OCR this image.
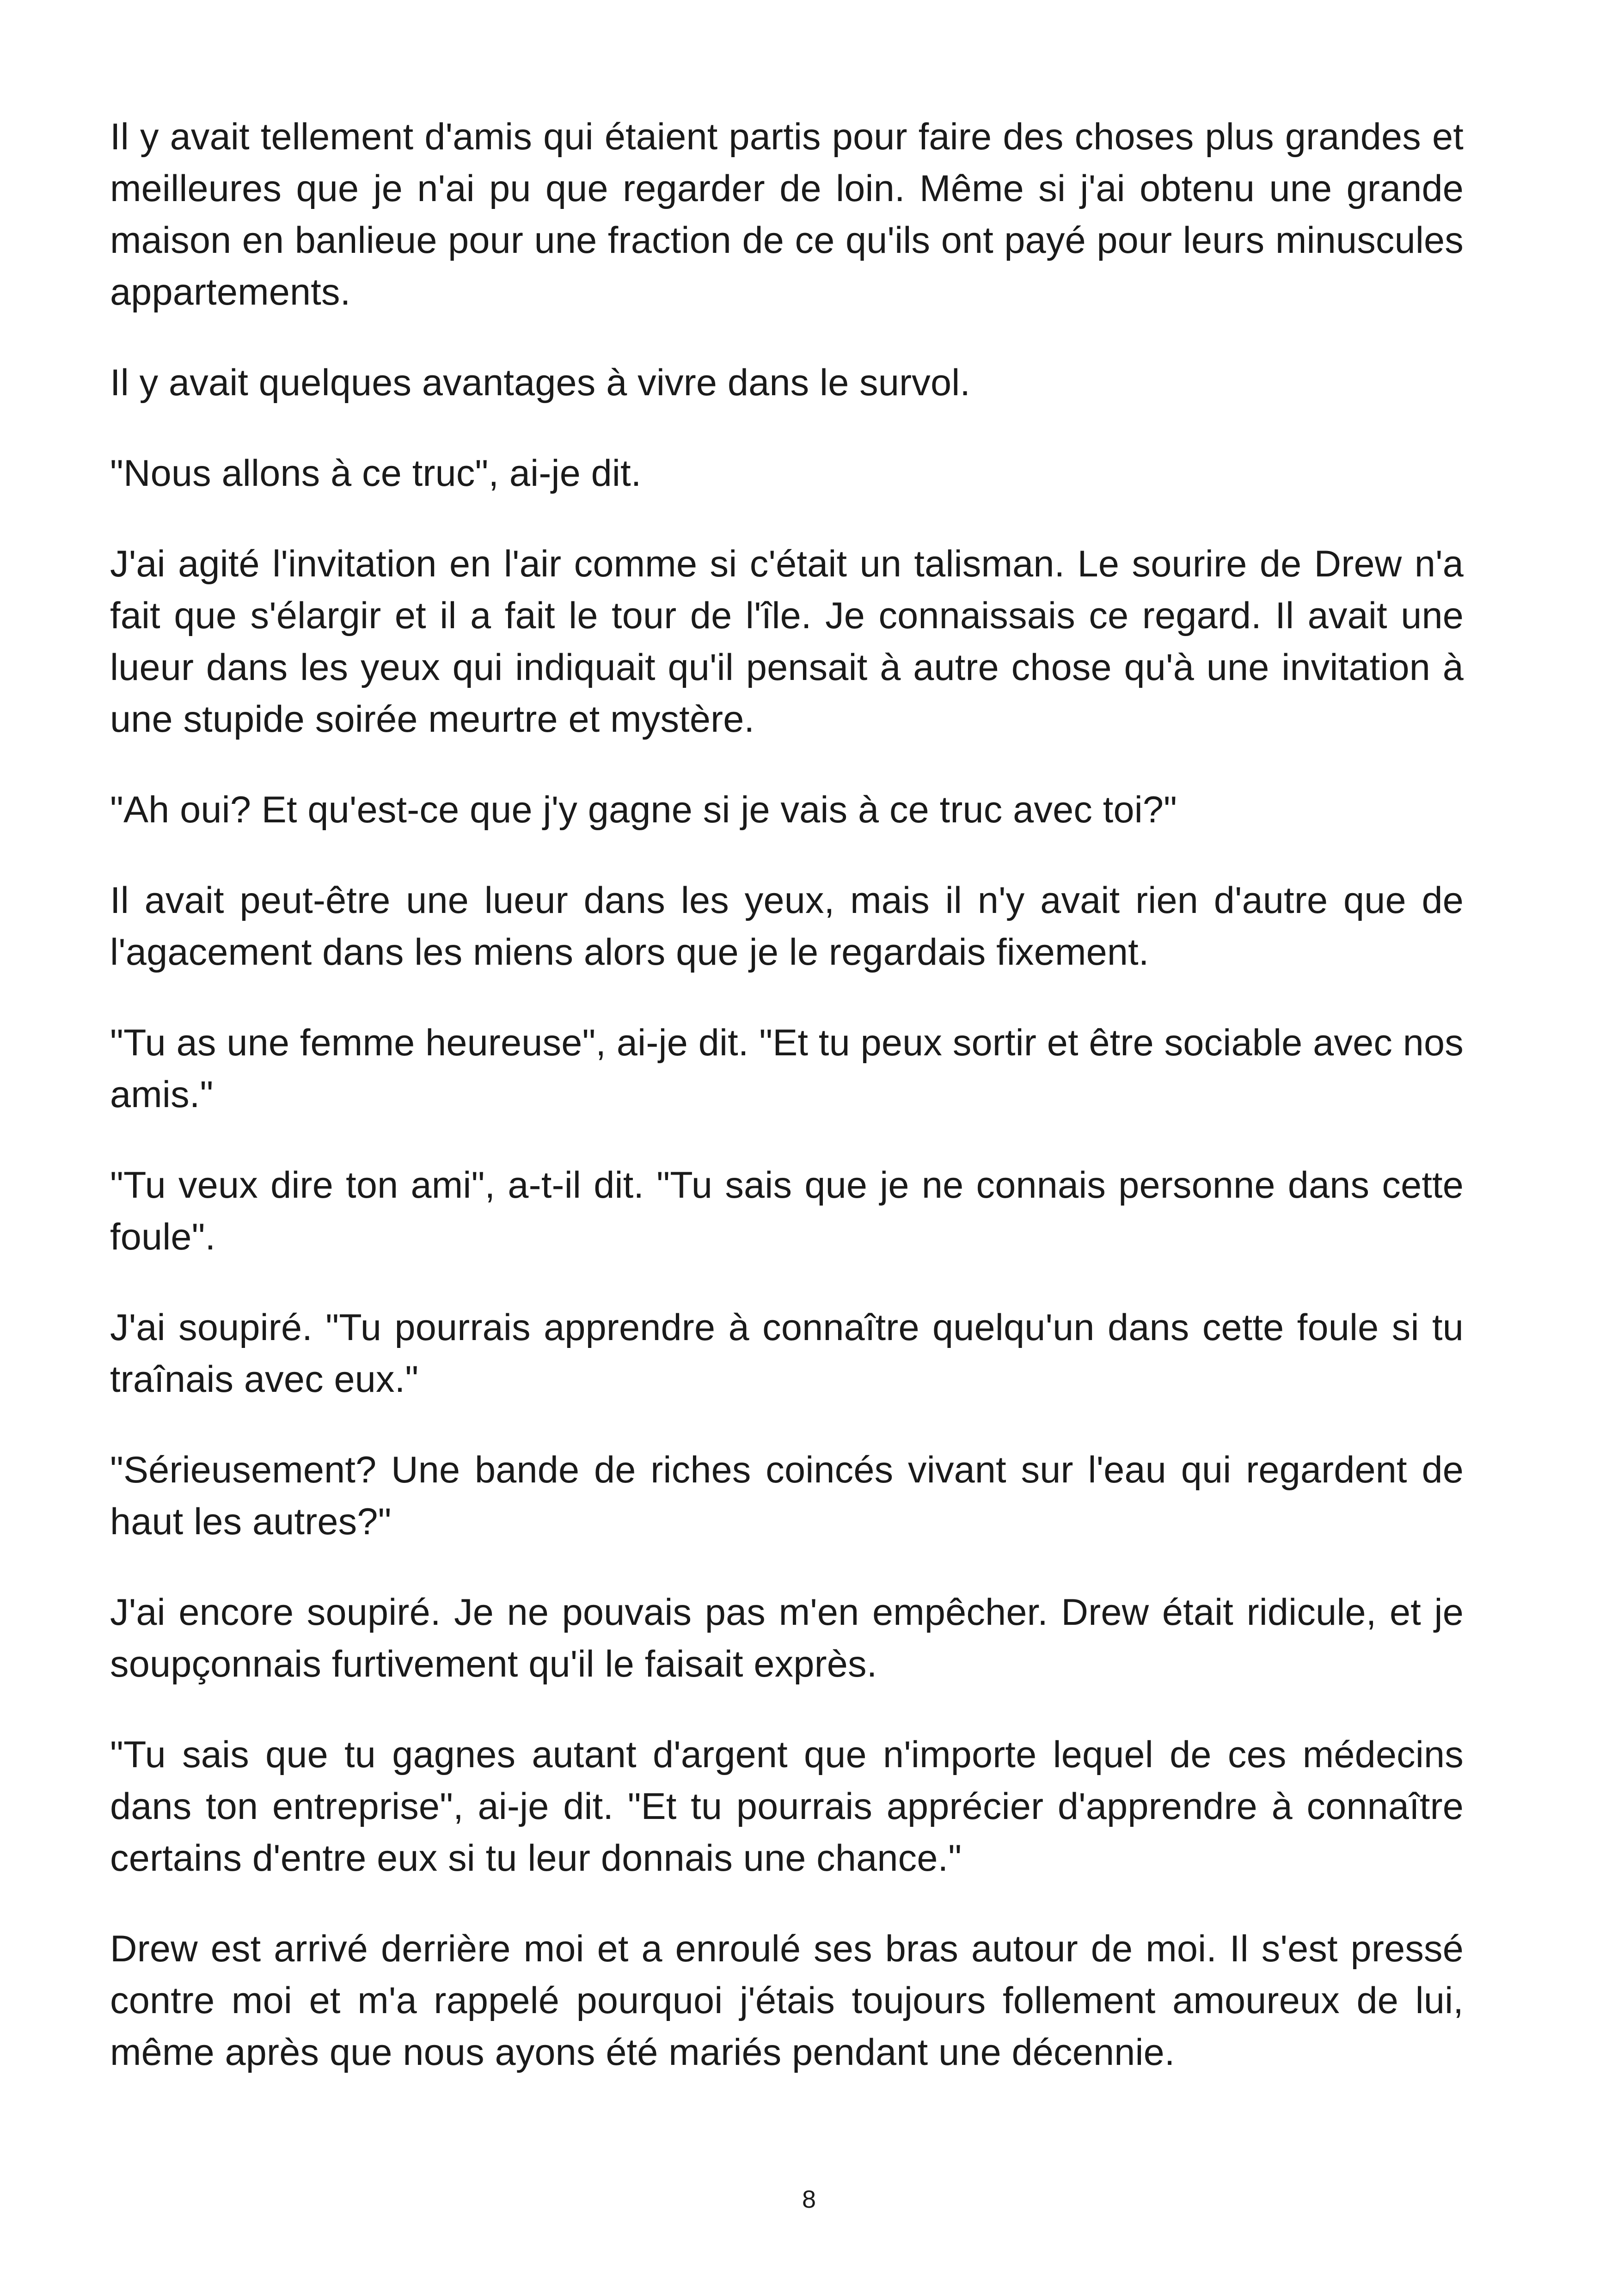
Il y avait tellement d'amis qui étaient partis pour faire des choses plus grandes et meilleures que je n'ai pu que regarder de loin. Même si j'ai obtenu une grande maison en banlieue pour une fraction de ce qu'ils ont payé pour leurs minuscules appartements.

Il y avait quelques avantages à vivre dans le survol.

"Nous allons à ce truc", ai-je dit.

J'ai agité l'invitation en l'air comme si c'était un talisman. Le sourire de Drew n'a fait que s'élargir et il a fait le tour de l'île. Je connaissais ce regard. Il avait une lueur dans les yeux qui indiquait qu'il pensait à autre chose qu'à une invitation à une stupide soirée meurtre et mystère.

"Ah oui? Et qu'est-ce que j'y gagne si je vais à ce truc avec toi?"

Il avait peut-être une lueur dans les yeux, mais il n'y avait rien d'autre que de l'agacement dans les miens alors que je le regardais fixement.

"Tu as une femme heureuse", ai-je dit. "Et tu peux sortir et être sociable avec nos amis."

"Tu veux dire ton ami", a-t-il dit. "Tu sais que je ne connais personne dans cette foule".

J'ai soupiré. "Tu pourrais apprendre à connaître quelqu'un dans cette foule si tu traînais avec eux."

"Sérieusement? Une bande de riches coincés vivant sur l'eau qui regardent de haut les autres?"

J'ai encore soupiré. Je ne pouvais pas m'en empêcher. Drew était ridicule, et je soupçonnais furtivement qu'il le faisait exprès.

"Tu sais que tu gagnes autant d'argent que n'importe lequel de ces médecins dans ton entreprise", ai-je dit. "Et tu pourrais apprécier d'apprendre à connaître certains d'entre eux si tu leur donnais une chance."

Drew est arrivé derrière moi et a enroulé ses bras autour de moi. Il s'est pressé contre moi et m'a rappelé pourquoi j'étais toujours follement amoureux de lui, même après que nous ayons été mariés pendant une décennie.

8
